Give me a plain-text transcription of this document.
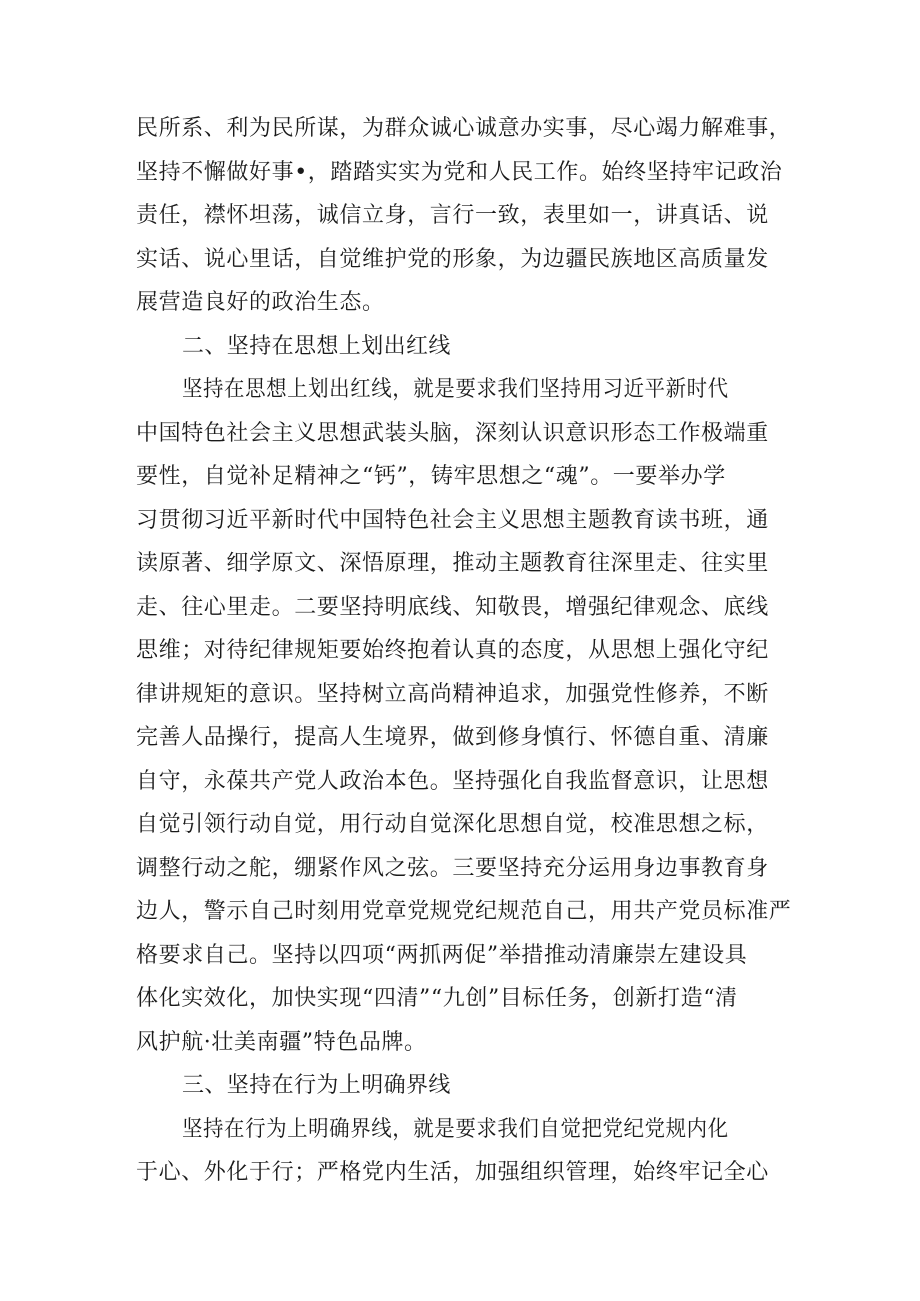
民所系、利为民所谋，为群众诚心诚意办实事，尽心竭力解难事，
坚持不懈做好事•，踏踏实实为党和人民工作。始终坚持牢记政治
责任，襟怀坦荡，诚信立身，言行一致，表里如一，讲真话、说
实话、说心里话，自觉维护党的形象，为边疆民族地区高质量发
展营造良好的政治生态。
二、坚持在思想上划出红线
坚持在思想上划出红线，就是要求我们坚持用习近平新时代
中国特色社会主义思想武装头脑，深刻认识意识形态工作极端重
要性，自觉补足精神之“钙”，铸牢思想之“魂”。一要举办学
习贯彻习近平新时代中国特色社会主义思想主题教育读书班，通
读原著、细学原文、深悟原理，推动主题教育往深里走、往实里
走、往心里走。二要坚持明底线、知敬畏，增强纪律观念、底线
思维；对待纪律规矩要始终抱着认真的态度，从思想上强化守纪
律讲规矩的意识。坚持树立高尚精神追求，加强党性修养，不断
完善人品操行，提高人生境界，做到修身慎行、怀德自重、清廉
自守，永葆共产党人政治本色。坚持强化自我监督意识，让思想
自觉引领行动自觉，用行动自觉深化思想自觉，校准思想之标，
调整行动之舵，绷紧作风之弦。三要坚持充分运用身边事教育身
边人，警示自己时刻用党章党规党纪规范自己，用共产党员标准严
格要求自己。坚持以四项“两抓两促”举措推动清廉崇左建设具
体化实效化，加快实现“四清”“九创”目标任务，创新打造“清
风护航·壮美南疆”特色品牌。
三、坚持在行为上明确界线
坚持在行为上明确界线，就是要求我们自觉把党纪党规内化
于心、外化于行；严格党内生活，加强组织管理，始终牢记全心
